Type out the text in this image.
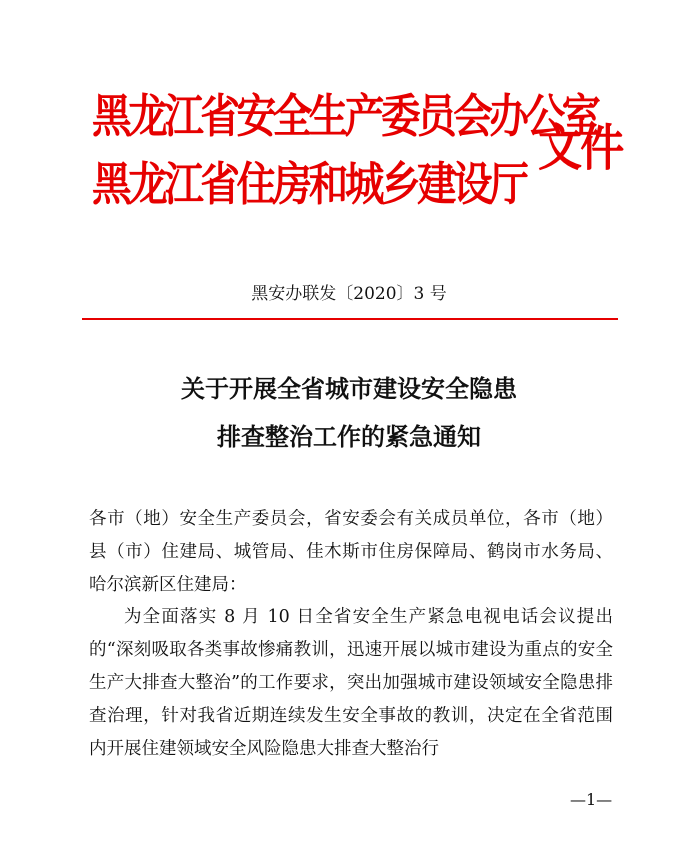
黑龙江省安全生产委员会办公室
黑龙江省住房和城乡建设厅
文件
黑安办联发〔2020〕3 号
关于开展全省城市建设安全隐患
排查整治工作的紧急通知
各市（地）安全生产委员会，省安委会有关成员单位，各市（地）县（市）住建局、城管局、佳木斯市住房保障局、鹤岗市水务局、哈尔滨新区住建局：
为全面落实 8 月 10 日全省安全生产紧急电视电话会议提出的“深刻吸取各类事故惨痛教训，迅速开展以城市建设为重点的安全生产大排查大整治”的工作要求，突出加强城市建设领域安全隐患排查治理，针对我省近期连续发生安全事故的教训，决定在全省范围内开展住建领域安全风险隐患大排查大整治行
—1—
